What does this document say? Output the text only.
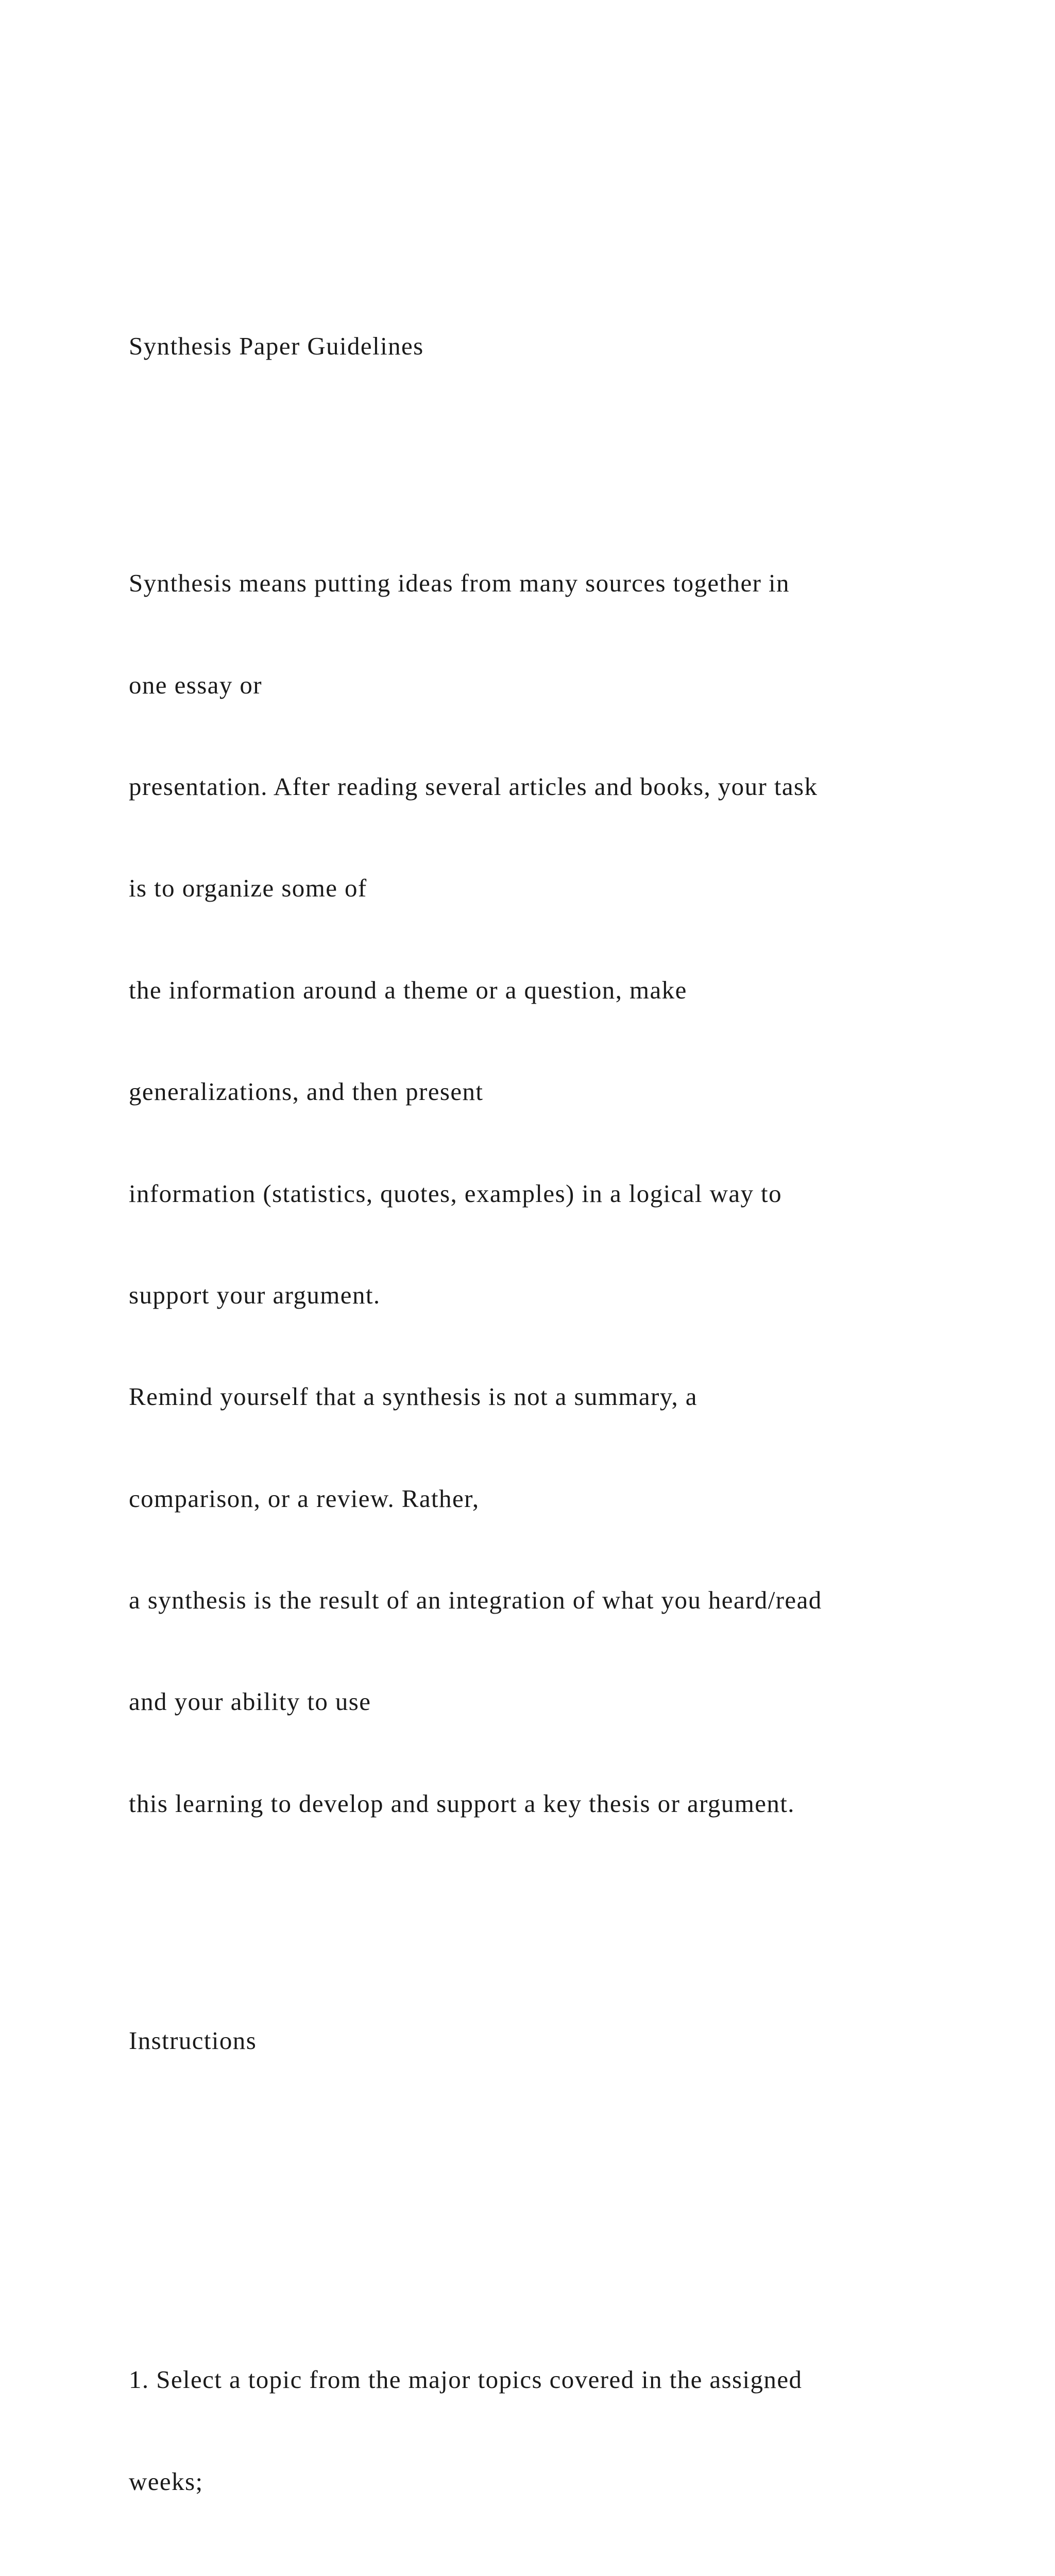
Synthesis Paper Guidelines

Synthesis means putting ideas from many sources together in

one essay or

presentation. After reading several articles and books, your task

is to organize some of

the information around a theme or a question, make

generalizations, and then present

information (statistics, quotes, examples) in a logical way to

support your argument.

Remind yourself that a synthesis is not a summary, a

comparison, or a review. Rather,

a synthesis is the result of an integration of what you heard/read

and your ability to use

this learning to develop and support a key thesis or argument.

Instructions

1. Select a topic from the major topics covered in the assigned

weeks;
